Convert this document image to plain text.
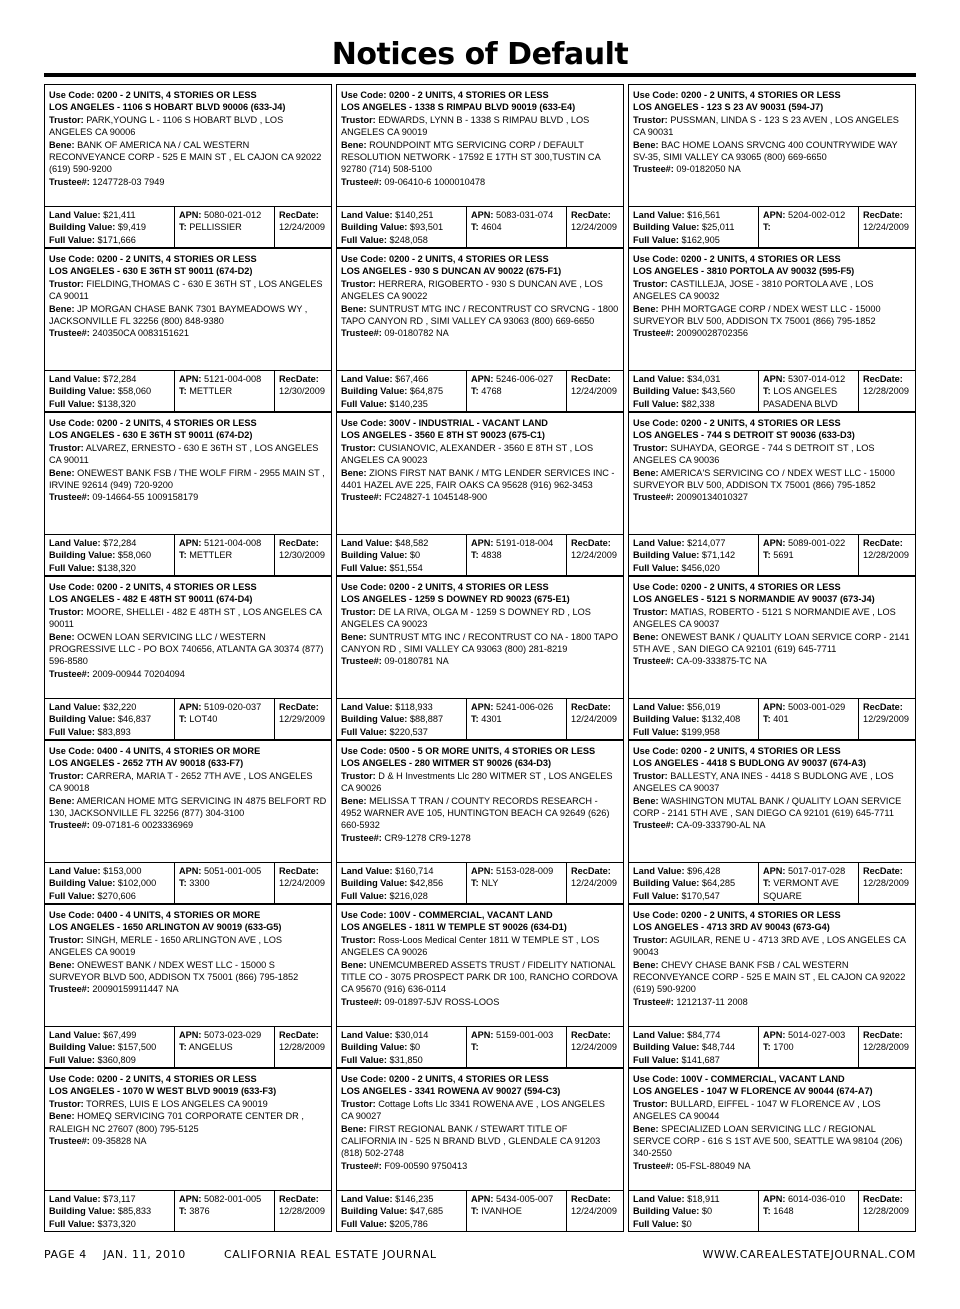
Notices of Default
Use Code: 0200 - 2 UNITS, 4 STORIES OR LESS
LOS ANGELES - 1106 S HOBART BLVD 90006 (633-J4)
Trustor: PARK,YOUNG L - 1106 S HOBART BLVD , LOS ANGELES CA 90006
Bene: BANK OF AMERICA NA / CAL WESTERN RECONVEYANCE CORP - 525 E MAIN ST , EL CAJON CA 92022 (619) 590-9200
Trustee#: 1247728-03 7949
Land Value: $21,411
Building Value: $9,419
Full Value: $171,666
APN: 5080-021-012
T: PELLISSIER
RecDate:
12/24/2009
Use Code: 0200 - 2 UNITS, 4 STORIES OR LESS
LOS ANGELES - 1338 S RIMPAU BLVD 90019 (633-E4)
Trustor: EDWARDS, LYNN B - 1338 S RIMPAU BLVD , LOS ANGELES CA 90019
Bene: ROUNDPOINT MTG SERVICING CORP / DEFAULT RESOLUTION NETWORK - 17592 E 17TH ST 300,TUSTIN CA 92780 (714) 508-5100
Trustee#: 09-06410-6 1000010478
Land Value: $140,251
Building Value: $93,501
Full Value: $248,058
APN: 5083-031-074
T: 4604
RecDate:
12/24/2009
Use Code: 0200 - 2 UNITS, 4 STORIES OR LESS
LOS ANGELES - 123 S 23 AV 90031 (594-J7)
Trustor: PUSSMAN, LINDA S - 123 S 23 AVEN , LOS ANGELES CA 90031
Bene: BAC HOME LOANS SRVCNG 400 COUNTRYWIDE WAY SV-35, SIMI VALLEY CA 93065 (800) 669-6650
Trustee#: 09-0182050 NA
Land Value: $16,561
Building Value: $25,011
Full Value: $162,905
APN: 5204-002-012
T:
RecDate:
12/24/2009
Use Code: 0200 - 2 UNITS, 4 STORIES OR LESS
LOS ANGELES - 630 E 36TH ST 90011 (674-D2)
Trustor: FIELDING,THOMAS C - 630 E 36TH ST , LOS ANGELES CA 90011
Bene: JP MORGAN CHASE BANK 7301 BAYMEADOWS WY , JACKSONVILLE FL 32256 (800) 848-9380
Trustee#: 240350CA 0083151621
Land Value: $72,284
Building Value: $58,060
Full Value: $138,320
APN: 5121-004-008
T: METTLER
RecDate:
12/30/2009
Use Code: 0200 - 2 UNITS, 4 STORIES OR LESS
LOS ANGELES - 930 S DUNCAN AV 90022 (675-F1)
Trustor: HERRERA, RIGOBERTO - 930 S DUNCAN AVE , LOS ANGELES CA 90022
Bene: SUNTRUST MTG INC / RECONTRUST CO SRVCNG - 1800 TAPO CANYON RD , SIMI VALLEY CA 93063 (800) 669-6650
Trustee#: 09-0180782 NA
Land Value: $67,466
Building Value: $64,875
Full Value: $140,235
APN: 5246-006-027
T: 4768
RecDate:
12/24/2009
Use Code: 0200 - 2 UNITS, 4 STORIES OR LESS
LOS ANGELES - 3810 PORTOLA AV 90032 (595-F5)
Trustor: CASTILLEJA, JOSE - 3810 PORTOLA AVE , LOS ANGELES CA 90032
Bene: PHH MORTGAGE CORP / NDEX WEST LLC - 15000 SURVEYOR BLV 500, ADDISON TX 75001 (866) 795-1852
Trustee#: 20090028702356
Land Value: $34,031
Building Value: $43,560
Full Value: $82,338
APN: 5307-014-012
T: LOS ANGELES PASADENA BLVD
RecDate:
12/28/2009
Use Code: 0200 - 2 UNITS, 4 STORIES OR LESS
LOS ANGELES - 630 E 36TH ST 90011 (674-D2)
Trustor: ALVAREZ, ERNESTO - 630 E 36TH ST , LOS ANGELES CA 90011
Bene: ONEWEST BANK FSB / THE WOLF FIRM - 2955 MAIN ST , IRVINE 92614 (949) 720-9200
Trustee#: 09-14664-55 1009158179
Land Value: $72,284
Building Value: $58,060
Full Value: $138,320
APN: 5121-004-008
T: METTLER
RecDate:
12/30/2009
Use Code: 300V - INDUSTRIAL - VACANT LAND
LOS ANGELES - 3560 E 8TH ST 90023 (675-C1)
Trustor: CUSIANOVIC, ALEXANDER - 3560 E 8TH ST , LOS ANGELES CA 90023
Bene: ZIONS FIRST NAT BANK / MTG LENDER SERVICES INC - 4401 HAZEL AVE 225, FAIR OAKS CA 95628 (916) 962-3453
Trustee#: FC24827-1 1045148-900
Land Value: $48,582
Building Value: $0
Full Value: $51,554
APN: 5191-018-004
T: 4838
RecDate:
12/24/2009
Use Code: 0200 - 2 UNITS, 4 STORIES OR LESS
LOS ANGELES - 744 S DETROIT ST 90036 (633-D3)
Trustor: SUHAYDA, GEORGE - 744 S DETROIT ST , LOS ANGELES CA 90036
Bene: AMERICA'S SERVICING CO / NDEX WEST LLC - 15000 SURVEYOR BLV 500, ADDISON TX 75001 (866) 795-1852
Trustee#: 20090134010327
Land Value: $214,077
Building Value: $71,142
Full Value: $456,020
APN: 5089-001-022
T: 5691
RecDate:
12/28/2009
Use Code: 0200 - 2 UNITS, 4 STORIES OR LESS
LOS ANGELES - 482 E 48TH ST 90011 (674-D4)
Trustor: MOORE, SHELLEI - 482 E 48TH ST , LOS ANGELES CA 90011
Bene: OCWEN LOAN SERVICING LLC / WESTERN PROGRESSIVE LLC - PO BOX 740656, ATLANTA GA 30374 (877) 596-8580
Trustee#: 2009-00944 70204094
Land Value: $32,220
Building Value: $46,837
Full Value: $83,893
APN: 5109-020-037
T: LOT40
RecDate:
12/29/2009
Use Code: 0200 - 2 UNITS, 4 STORIES OR LESS
LOS ANGELES - 1259 S DOWNEY RD 90023 (675-E1)
Trustor: DE LA RIVA, OLGA M - 1259 S DOWNEY RD , LOS ANGELES CA 90023
Bene: SUNTRUST MTG INC / RECONTRUST CO NA - 1800 TAPO CANYON RD , SIMI VALLEY CA 93063 (800) 281-8219
Trustee#: 09-0180781 NA
Land Value: $118,933
Building Value: $88,887
Full Value: $220,537
APN: 5241-006-026
T: 4301
RecDate:
12/24/2009
Use Code: 0200 - 2 UNITS, 4 STORIES OR LESS
LOS ANGELES - 5121 S NORMANDIE AV 90037 (673-J4)
Trustor: MATIAS, ROBERTO - 5121 S NORMANDIE AVE , LOS ANGELES CA 90037
Bene: ONEWEST BANK / QUALITY LOAN SERVICE CORP - 2141 5TH AVE , SAN DIEGO CA 92101 (619) 645-7711
Trustee#: CA-09-333875-TC NA
Land Value: $56,019
Building Value: $132,408
Full Value: $199,958
APN: 5003-001-029
T: 401
RecDate:
12/29/2009
Use Code: 0400 - 4 UNITS, 4 STORIES OR MORE
LOS ANGELES - 2652 7TH AV 90018 (633-F7)
Trustor: CARRERA, MARIA T - 2652 7TH AVE , LOS ANGELES CA 90018
Bene: AMERICAN HOME MTG SERVICING IN 4875 BELFORT RD 130, JACKSONVILLE FL 32256 (877) 304-3100
Trustee#: 09-07181-6 0023336969
Land Value: $153,000
Building Value: $102,000
Full Value: $270,606
APN: 5051-001-005
T: 3300
RecDate:
12/24/2009
Use Code: 0500 - 5 OR MORE UNITS, 4 STORIES OR LESS
LOS ANGELES - 280 WITMER ST 90026 (634-D3)
Trustor: D & H Investments Llc 280 WITMER ST , LOS ANGELES CA 90026
Bene: MELISSA T TRAN / COUNTY RECORDS RESEARCH - 4952 WARNER AVE 105, HUNTINGTON BEACH CA 92649 (626) 660-5932
Trustee#: CR9-1278 CR9-1278
Land Value: $160,714
Building Value: $42,856
Full Value: $216,028
APN: 5153-028-009
T: NLY
RecDate:
12/24/2009
Use Code: 0200 - 2 UNITS, 4 STORIES OR LESS
LOS ANGELES - 4418 S BUDLONG AV 90037 (674-A3)
Trustor: BALLESTY, ANA INES - 4418 S BUDLONG AVE , LOS ANGELES CA 90037
Bene: WASHINGTON MUTAL BANK / QUALITY LOAN SERVICE CORP - 2141 5TH AVE , SAN DIEGO CA 92101 (619) 645-7711
Trustee#: CA-09-333790-AL NA
Land Value: $96,428
Building Value: $64,285
Full Value: $170,547
APN: 5017-017-028
T: VERMONT AVE SQUARE
RecDate:
12/28/2009
Use Code: 0400 - 4 UNITS, 4 STORIES OR MORE
LOS ANGELES - 1650 ARLINGTON AV 90019 (633-G5)
Trustor: SINGH, MERLE - 1650 ARLINGTON AVE , LOS ANGELES CA 90019
Bene: ONEWEST BANK / NDEX WEST LLC - 15000 S SURVEYOR BLVD 500, ADDISON TX 75001 (866) 795-1852
Trustee#: 20090159911447 NA
Land Value: $67,499
Building Value: $157,500
Full Value: $360,809
APN: 5073-023-029
T: ANGELUS
RecDate:
12/28/2009
Use Code: 100V - COMMERCIAL, VACANT LAND
LOS ANGELES - 1811 W TEMPLE ST 90026 (634-D1)
Trustor: Ross-Loos Medical Center 1811 W TEMPLE ST , LOS ANGELES CA 90026
Bene: UNEMCUMBERED ASSETS TRUST / FIDELITY NATIONAL TITLE CO - 3075 PROSPECT PARK DR 100, RANCHO CORDOVA CA 95670 (916) 636-0114
Trustee#: 09-01897-5JV ROSS-LOOS
Land Value: $30,014
Building Value: $0
Full Value: $31,850
APN: 5159-001-003
T:
RecDate:
12/24/2009
Use Code: 0200 - 2 UNITS, 4 STORIES OR LESS
LOS ANGELES - 4713 3RD AV 90043 (673-G4)
Trustor: AGUILAR, RENE U - 4713 3RD AVE , LOS ANGELES CA 90043
Bene: CHEVY CHASE BANK FSB / CAL WESTERN RECONVEYANCE CORP - 525 E MAIN ST , EL CAJON CA 92022 (619) 590-9200
Trustee#: 1212137-11 2008
Land Value: $84,774
Building Value: $48,744
Full Value: $141,687
APN: 5014-027-003
T: 1700
RecDate:
12/28/2009
Use Code: 0200 - 2 UNITS, 4 STORIES OR LESS
LOS ANGELES - 1070 W WEST BLVD 90019 (633-F3)
Trustor: TORRES, LUIS E LOS ANGELES CA 90019
Bene: HOMEQ SERVICING 701 CORPORATE CENTER DR , RALEIGH NC 27607 (800) 795-5125
Trustee#: 09-35828 NA
Land Value: $73,117
Building Value: $85,833
Full Value: $373,320
APN: 5082-001-005
T: 3876
RecDate:
12/28/2009
Use Code: 0200 - 2 UNITS, 4 STORIES OR LESS
LOS ANGELES - 3341 ROWENA AV 90027 (594-C3)
Trustor: Cottage Lofts Llc 3341 ROWENA AVE , LOS ANGELES CA 90027
Bene: FIRST REGIONAL BANK / STEWART TITLE OF CALIFORNIA IN - 525 N BRAND BLVD , GLENDALE CA 91203 (818) 502-2748
Trustee#: F09-00590 9750413
Land Value: $146,235
Building Value: $47,685
Full Value: $205,786
APN: 5434-005-007
T: IVANHOE
RecDate:
12/24/2009
Use Code: 100V - COMMERCIAL, VACANT LAND
LOS ANGELES - 1047 W FLORENCE AV 90044 (674-A7)
Trustor: BULLARD, EIFFEL - 1047 W FLORENCE AV , LOS ANGELES CA 90044
Bene: SPECIALIZED LOAN SERVICING LLC / REGIONAL SERVCE CORP - 616 S 1ST AVE 500, SEATTLE WA 98104 (206) 340-2550
Trustee#: 05-FSL-88049 NA
Land Value: $18,911
Building Value: $0
Full Value: $0
APN: 6014-036-010
T: 1648
RecDate:
12/28/2009
PAGE 4 JAN. 11, 2010	CALIFORNIA REAL ESTATE JOURNAL	WWW.CAREALESTATEJOURNAL.COM
